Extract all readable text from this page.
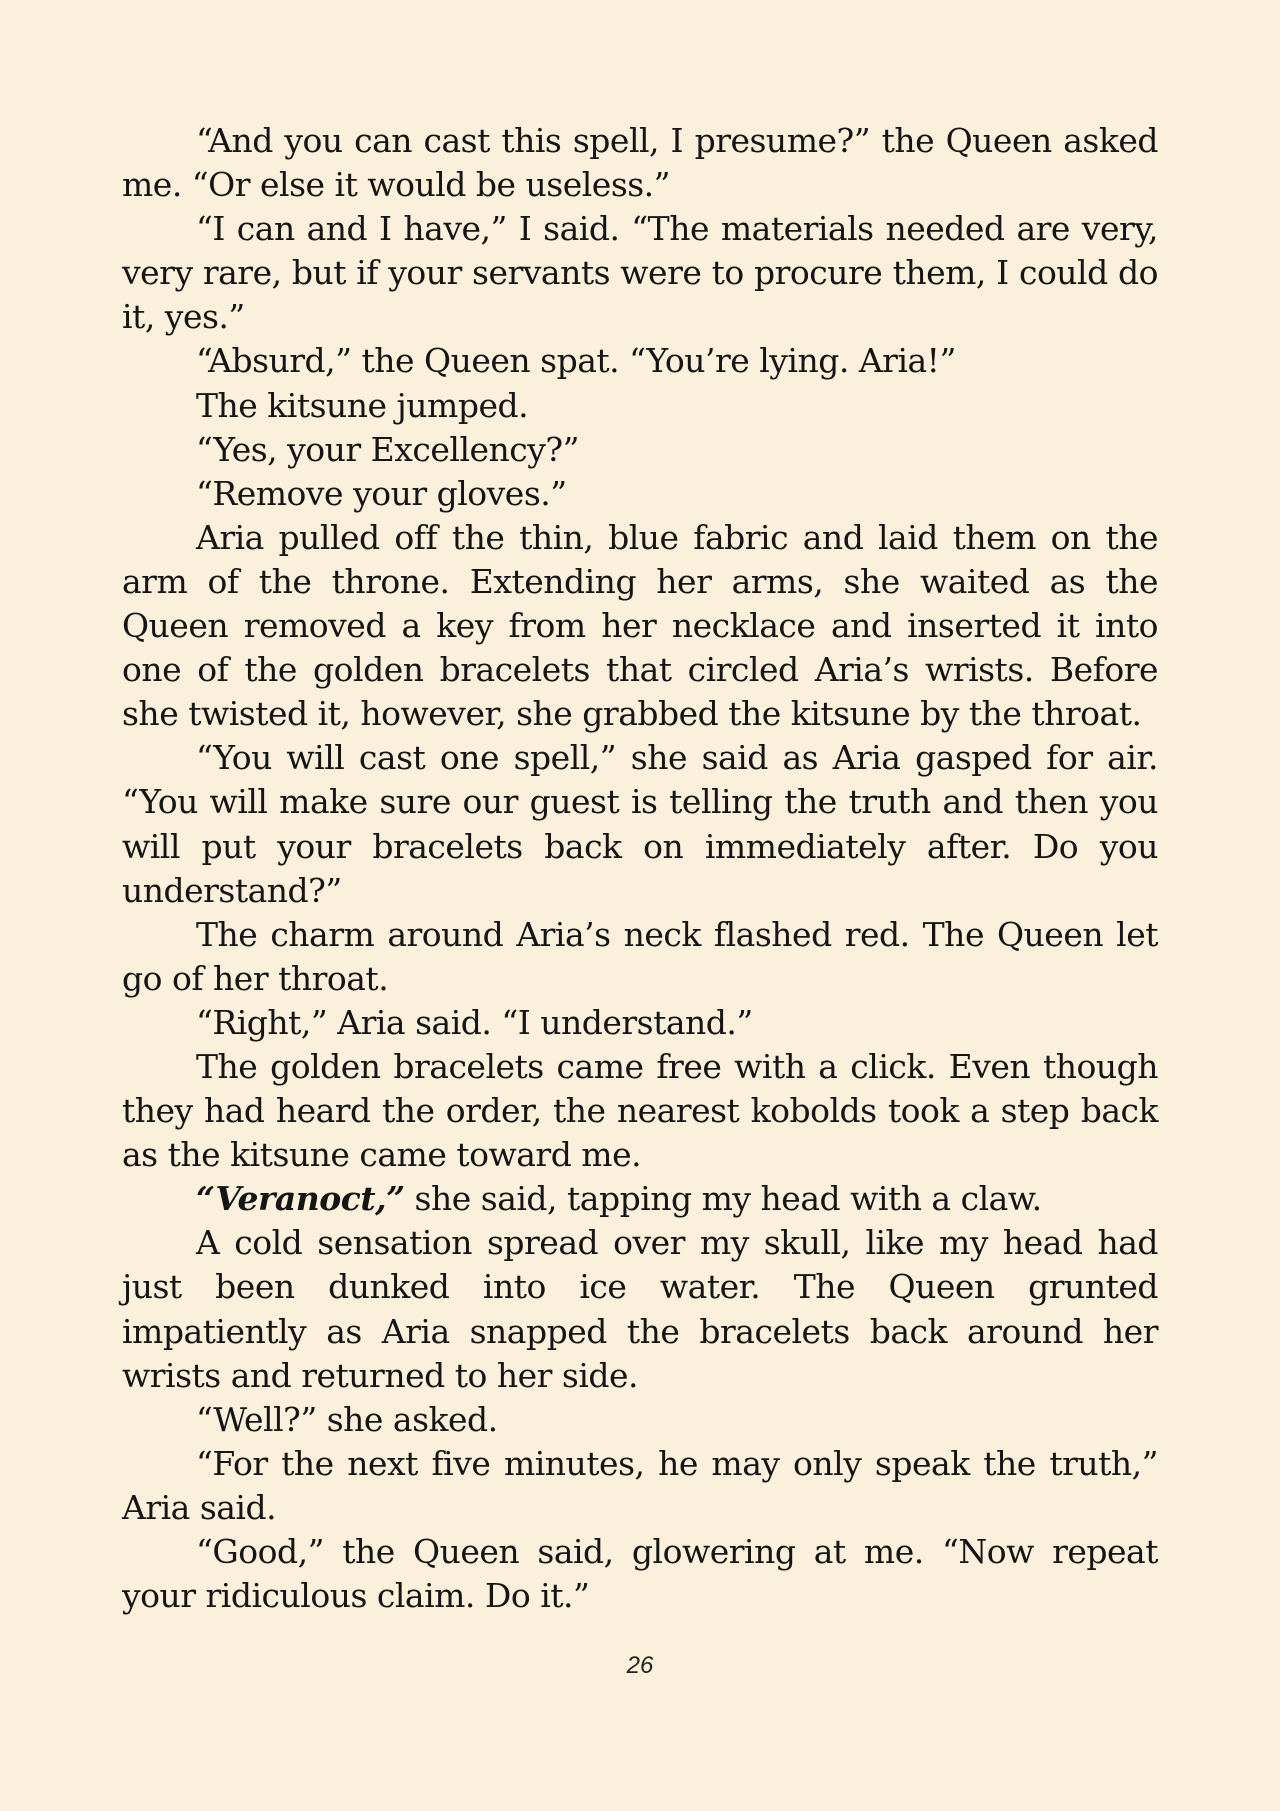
“And you can cast this spell, I presume?” the Queen asked me. “Or else it would be useless.”

“I can and I have,” I said. “The materials needed are very, very rare, but if your servants were to procure them, I could do it, yes.”

“Absurd,” the Queen spat. “You’re lying. Aria!”

The kitsune jumped.

“Yes, your Excellency?”

“Remove your gloves.”

Aria pulled off the thin, blue fabric and laid them on the arm of the throne. Extending her arms, she waited as the Queen removed a key from her necklace and inserted it into one of the golden bracelets that circled Aria’s wrists. Before she twisted it, however, she grabbed the kitsune by the throat.

“You will cast one spell,” she said as Aria gasped for air. “You will make sure our guest is telling the truth and then you will put your bracelets back on immediately after. Do you understand?”

The charm around Aria’s neck flashed red. The Queen let go of her throat.

“Right,” Aria said. “I understand.”

The golden bracelets came free with a click. Even though they had heard the order, the nearest kobolds took a step back as the kitsune came toward me.

“Veranoct,” she said, tapping my head with a claw.

A cold sensation spread over my skull, like my head had just been dunked into ice water. The Queen grunted impatiently as Aria snapped the bracelets back around her wrists and returned to her side.

“Well?” she asked.

“For the next five minutes, he may only speak the truth,” Aria said.

“Good,” the Queen said, glowering at me. “Now repeat your ridiculous claim. Do it.”

26
